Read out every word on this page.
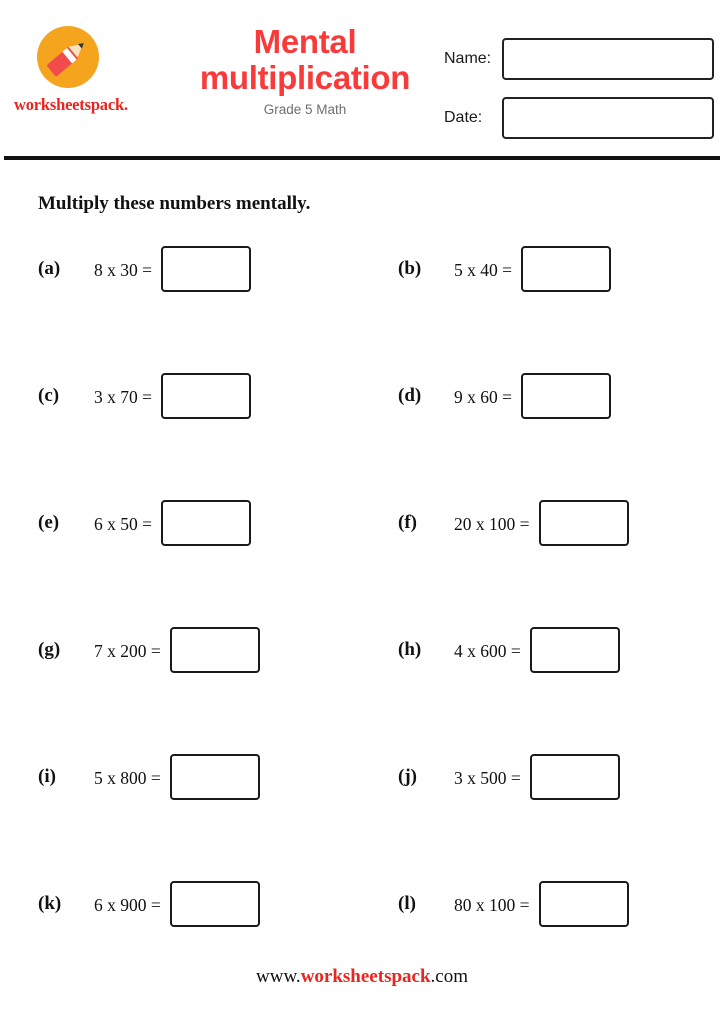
worksheetspack.
Mental
multiplication
Grade 5 Math
Name:
Date:
Multiply these numbers mentally.
(a)	8 x 30 =	(b)	5 x 40 =
(c)	3 x 70 =	(d)	9 x 60 =
(e)	6 x 50 =	(f)	20 x 100 =
(g)	7 x 200 =	(h)	4 x 600 =
(i)	5 x 800 =	(j)	3 x 500 =
(k)	6 x 900 =	(l)	80 x 100 =
www.worksheetspack.com
